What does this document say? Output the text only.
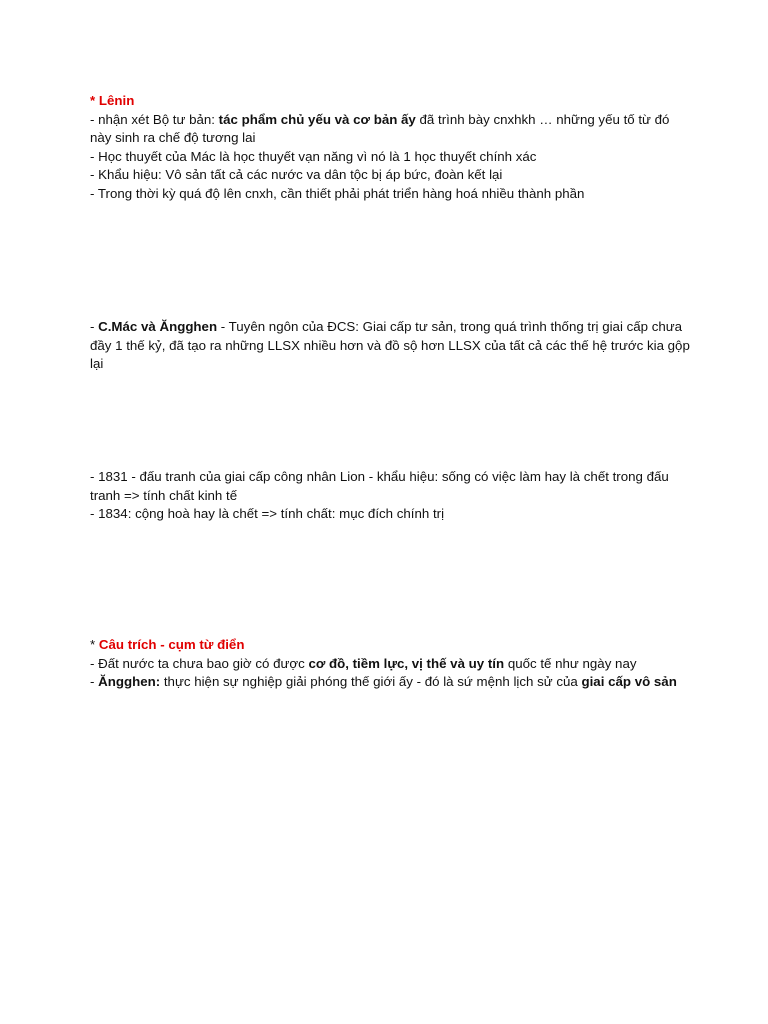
* Lênin

- nhận xét Bộ tư bản: tác phẩm chủ yếu và cơ bản ấy đã trình bày cnxhkh … những yếu tố từ đó này sinh ra chế độ tương lai

- Học thuyết của Mác là học thuyết vạn năng vì nó là 1 học thuyết chính xác

- Khẩu hiệu: Vô sản tất cả các nước va dân tộc bị áp bức, đoàn kết lại

- Trong thời kỳ quá độ lên cnxh, cần thiết phải phát triển hàng hoá nhiều thành phần

- C.Mác và Ăngghen - Tuyên ngôn của ĐCS: Giai cấp tư sản, trong quá trình thống trị giai cấp chưa đầy 1 thế kỷ, đã tạo ra những LLSX nhiều hơn và đồ sộ hơn LLSX của tất cả các thế hệ trước kia gộp lại

- 1831 - đấu tranh của giai cấp công nhân Lion - khẩu hiệu: sống có việc làm hay là chết trong đấu tranh => tính chất kinh tế

- 1834: cộng hoà hay là chết => tính chất: mục đích chính trị

* Câu trích - cụm từ điển

- Đất nước ta chưa bao giờ có được cơ đồ, tiềm lực, vị thế và uy tín quốc tế như ngày nay

- Ăngghen: thực hiện sự nghiệp giải phóng thế giới ấy - đó là sứ mệnh lịch sử của giai cấp vô sản
